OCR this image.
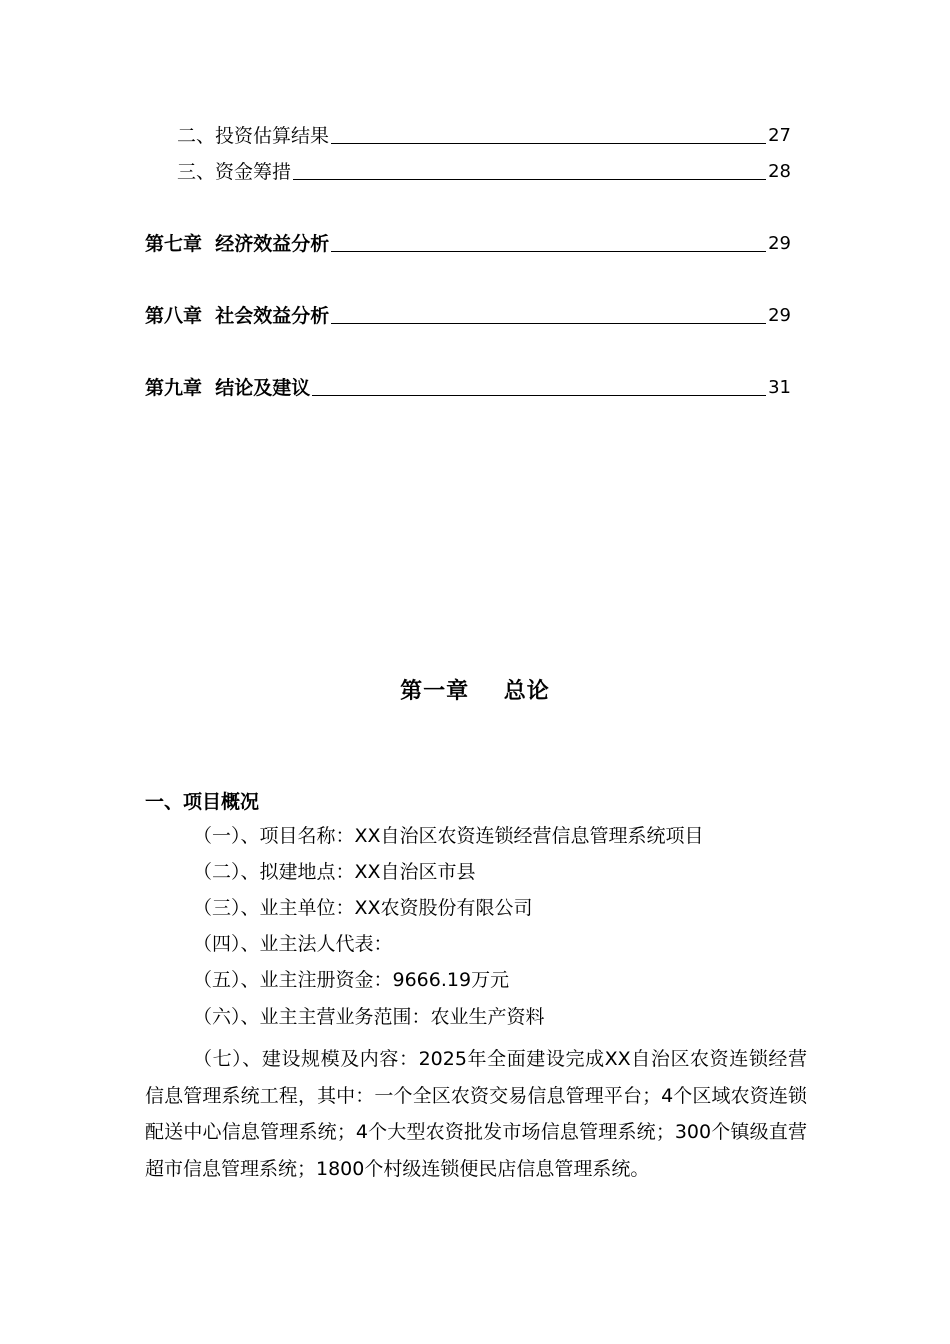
二、投资估算结果	27
三、资金筹措	28
第七章  经济效益分析	29
第八章  社会效益分析	29
第九章  结论及建议	31
第一章    总论
一、项目概况
（一）、项目名称：XX自治区农资连锁经营信息管理系统项目
（二）、拟建地点：XX自治区市县
（三）、业主单位：XX农资股份有限公司
（四）、业主法人代表：
（五）、业主注册资金：9666.19万元
（六）、业主主营业务范围：农业生产资料
（七）、建设规模及内容：2025年全面建设完成XX自治区农资连锁经营信息管理系统工程，其中：一个全区农资交易信息管理平台；4个区域农资连锁配送中心信息管理系统；4个大型农资批发市场信息管理系统；300个镇级直营超市信息管理系统；1800个村级连锁便民店信息管理系统。
